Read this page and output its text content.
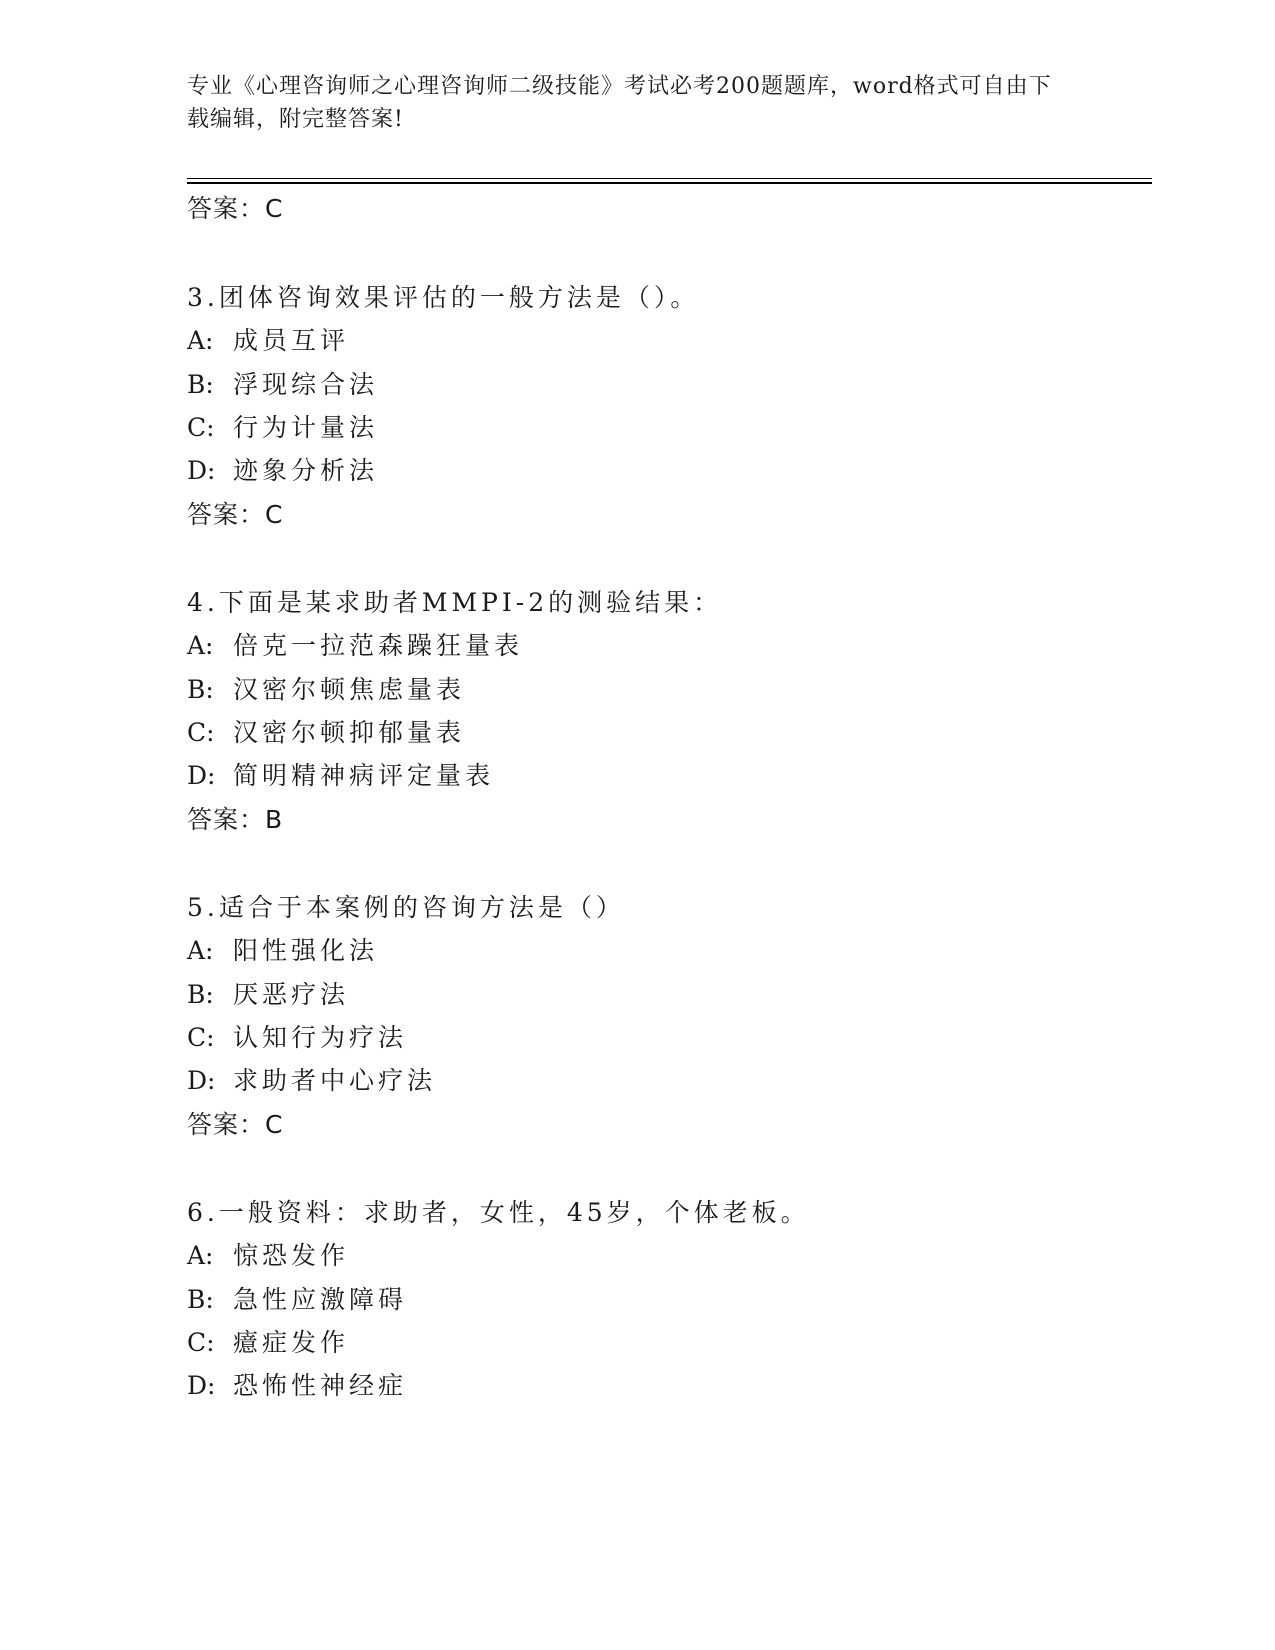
专业《心理咨询师之心理咨询师二级技能》考试必考200题题库，word格式可自由下载编辑，附完整答案!
答案：C
3.团体咨询效果评估的一般方法是（）。
A: 成员互评
B: 浮现综合法
C: 行为计量法
D: 迹象分析法
答案：C
4.下面是某求助者MMPI-2的测验结果：
A: 倍克一拉范森躁狂量表
B: 汉密尔顿焦虑量表
C: 汉密尔顿抑郁量表
D: 简明精神病评定量表
答案：B
5.适合于本案例的咨询方法是（）
A: 阳性强化法
B: 厌恶疗法
C: 认知行为疗法
D: 求助者中心疗法
答案：C
6.一般资料：求助者，女性，45岁，个体老板。
A: 惊恐发作
B: 急性应激障碍
C: 癔症发作
D: 恐怖性神经症
